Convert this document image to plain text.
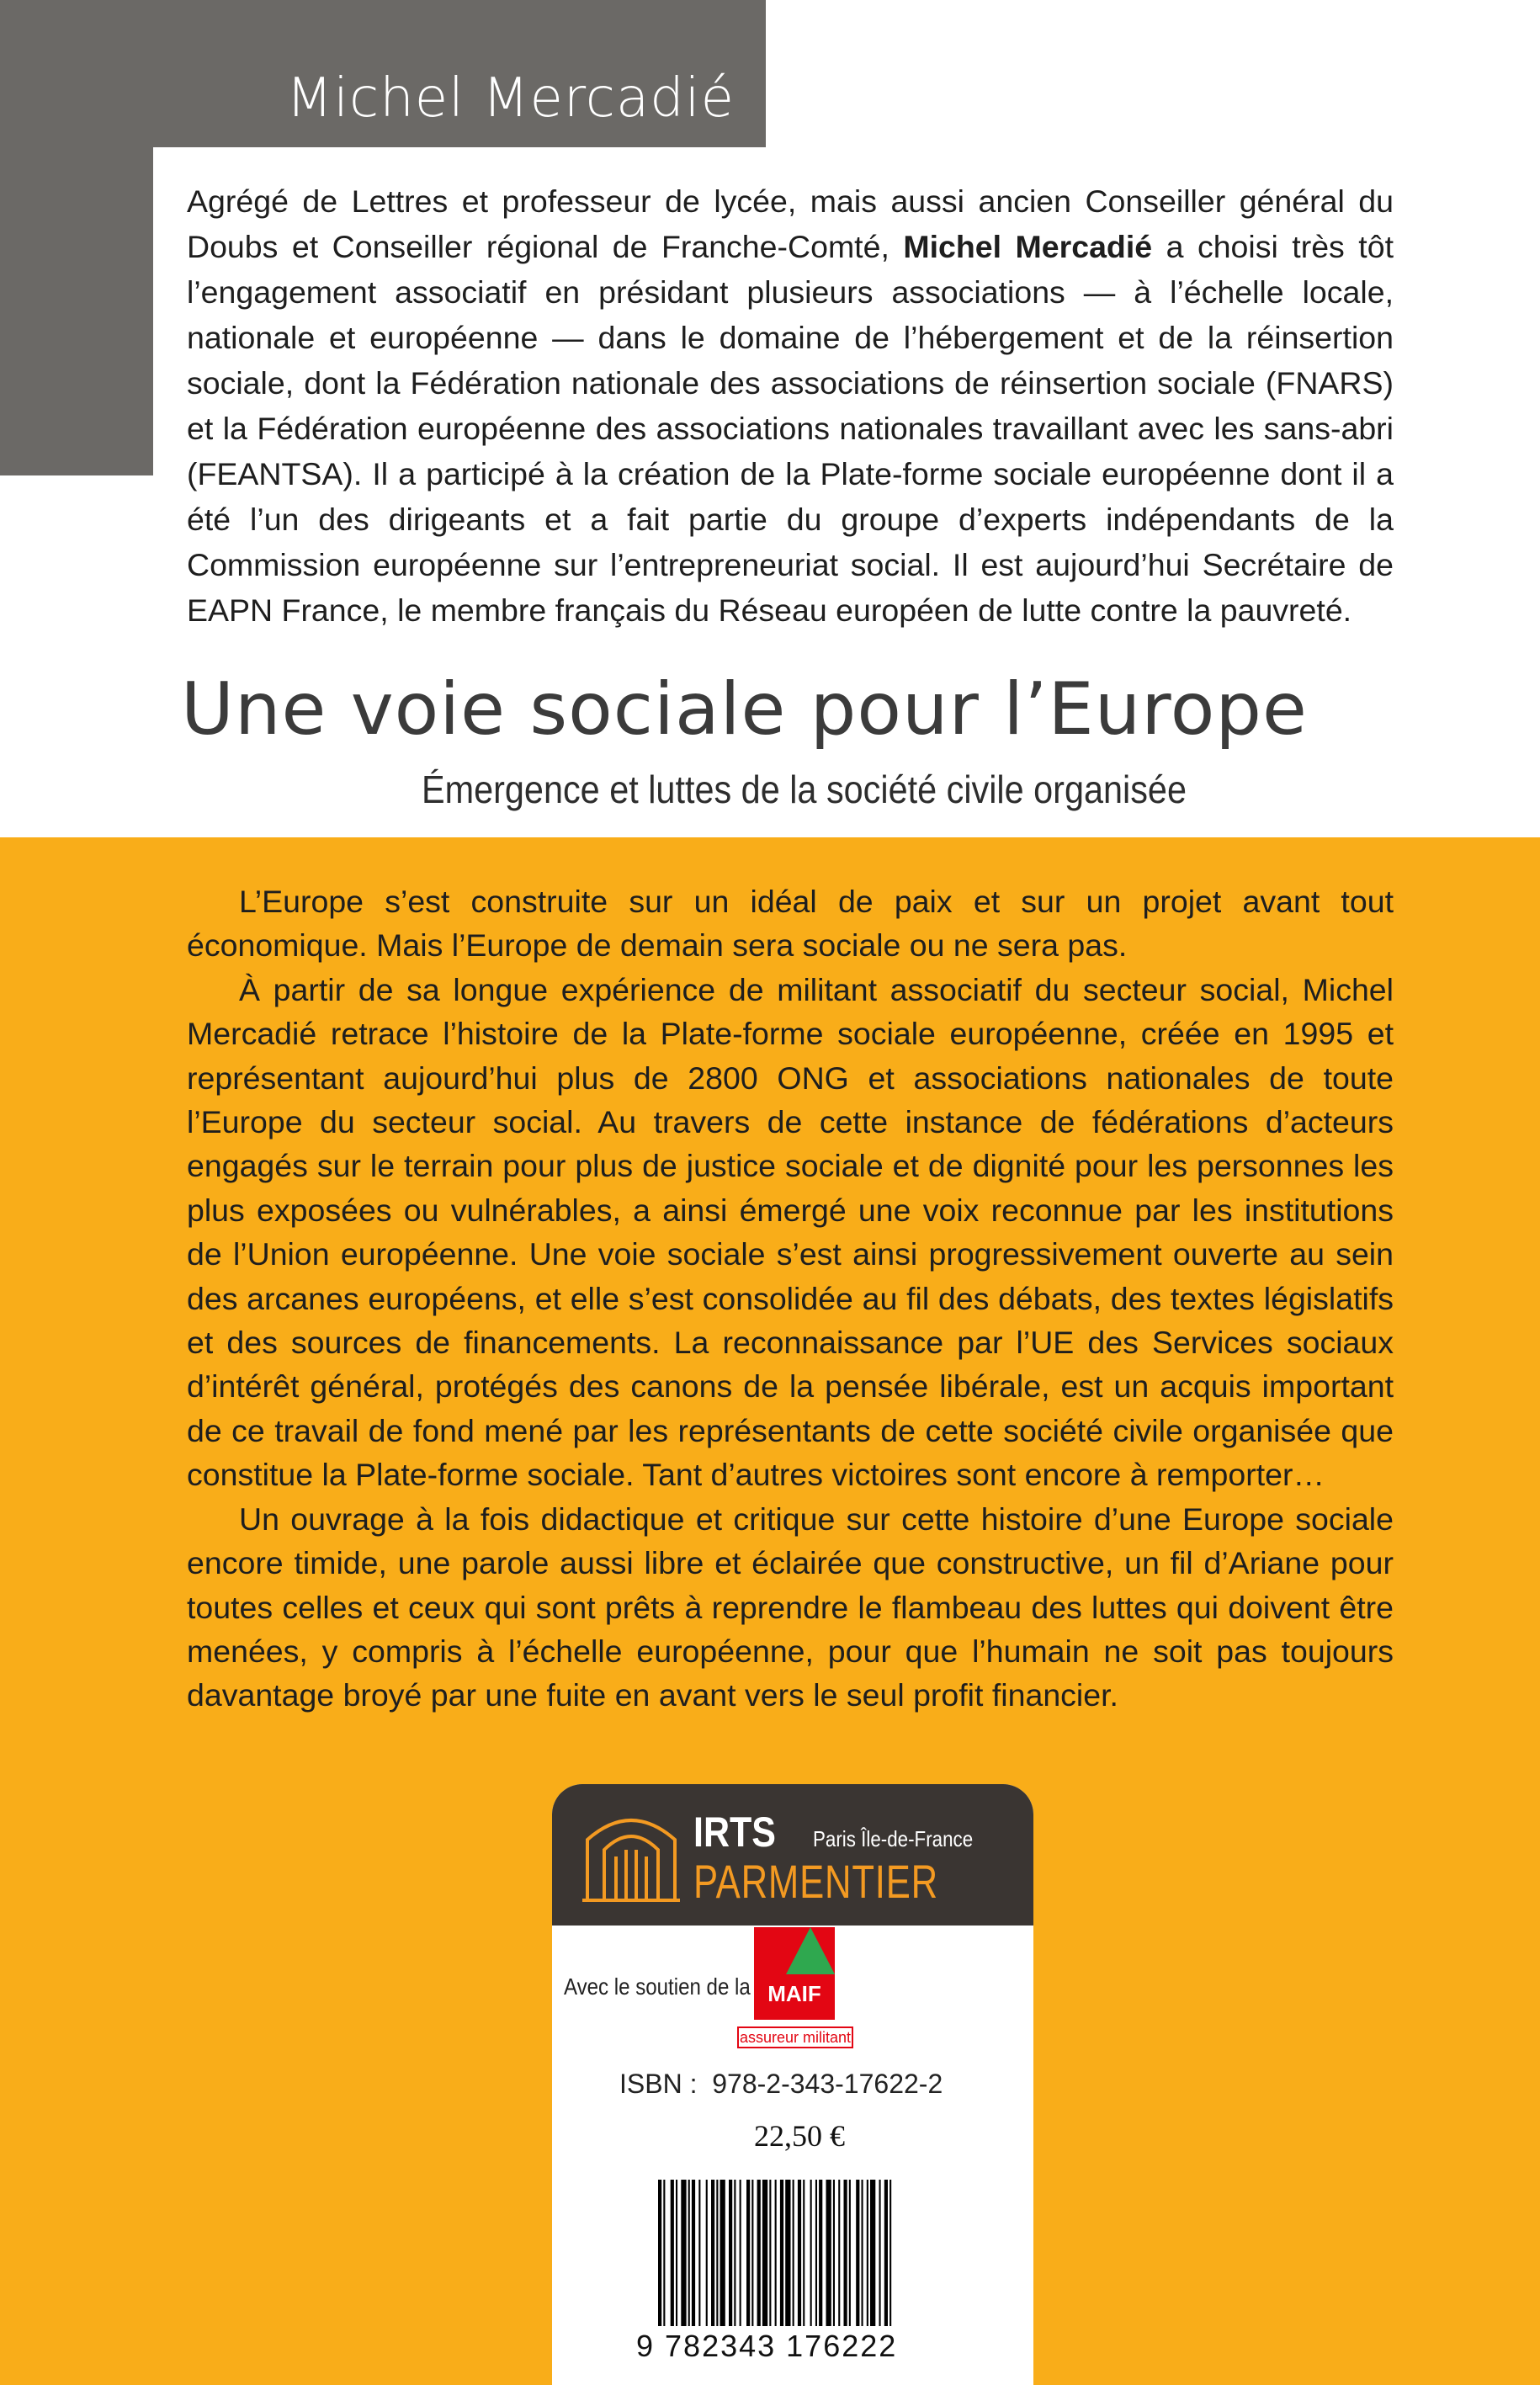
Michel Mercadié

Agrégé de Lettres et professeur de lycée, mais aussi ancien Conseiller général du Doubs et Conseiller régional de Franche-Comté, Michel Mercadié a choisi très tôt l’engagement associatif en présidant plusieurs associations — à l’échelle locale, nationale et européenne — dans le domaine de l’hébergement et de la réinsertion sociale, dont la Fédération nationale des associations de réinsertion sociale (FNARS) et la Fédération européenne des associations nationales travaillant avec les sans-abri (FEANTSA). Il a participé à la création de la Plate-forme sociale européenne dont il a été l’un des dirigeants et a fait partie du groupe d’experts indépendants de la Commission européenne sur l’entrepreneuriat social. Il est aujourd’hui Secrétaire de EAPN France, le membre français du Réseau européen de lutte contre la pauvreté.

Une voie sociale pour l’Europe
Émergence et luttes de la société civile organisée

L’Europe s’est construite sur un idéal de paix et sur un projet avant tout économique. Mais l’Europe de demain sera sociale ou ne sera pas.

À partir de sa longue expérience de militant associatif du secteur social, Michel Mercadié retrace l’histoire de la Plate-forme sociale européenne, créée en 1995 et représentant aujourd’hui plus de 2800 ONG et associations nationales de toute l’Europe du secteur social. Au travers de cette instance de fédérations d’acteurs engagés sur le terrain pour plus de justice sociale et de dignité pour les personnes les plus exposées ou vulnérables, a ainsi émergé une voix reconnue par les institutions de l’Union européenne. Une voie sociale s’est ainsi progressivement ouverte au sein des arcanes européens, et elle s’est consolidée au fil des débats, des textes législatifs et des sources de financements. La reconnaissance par l’UE des Services sociaux d’intérêt général, protégés des canons de la pensée libérale, est un acquis important de ce travail de fond mené par les représentants de cette société civile organisée que constitue la Plate-forme sociale. Tant d’autres victoires sont encore à remporter…

Un ouvrage à la fois didactique et critique sur cette histoire d’une Europe sociale encore timide, une parole aussi libre et éclairée que constructive, un fil d’Ariane pour toutes celles et ceux qui sont prêts à reprendre le flambeau des luttes qui doivent être menées, y compris à l’échelle européenne, pour que l’humain ne soit pas toujours davantage broyé par une fuite en avant vers le seul profit financier.

IRTS Paris Île-de-France
PARMENTIER
Avec le soutien de la MAIF
assureur militant
ISBN : 978-2-343-17622-2
22,50 €
9 782343 176222
